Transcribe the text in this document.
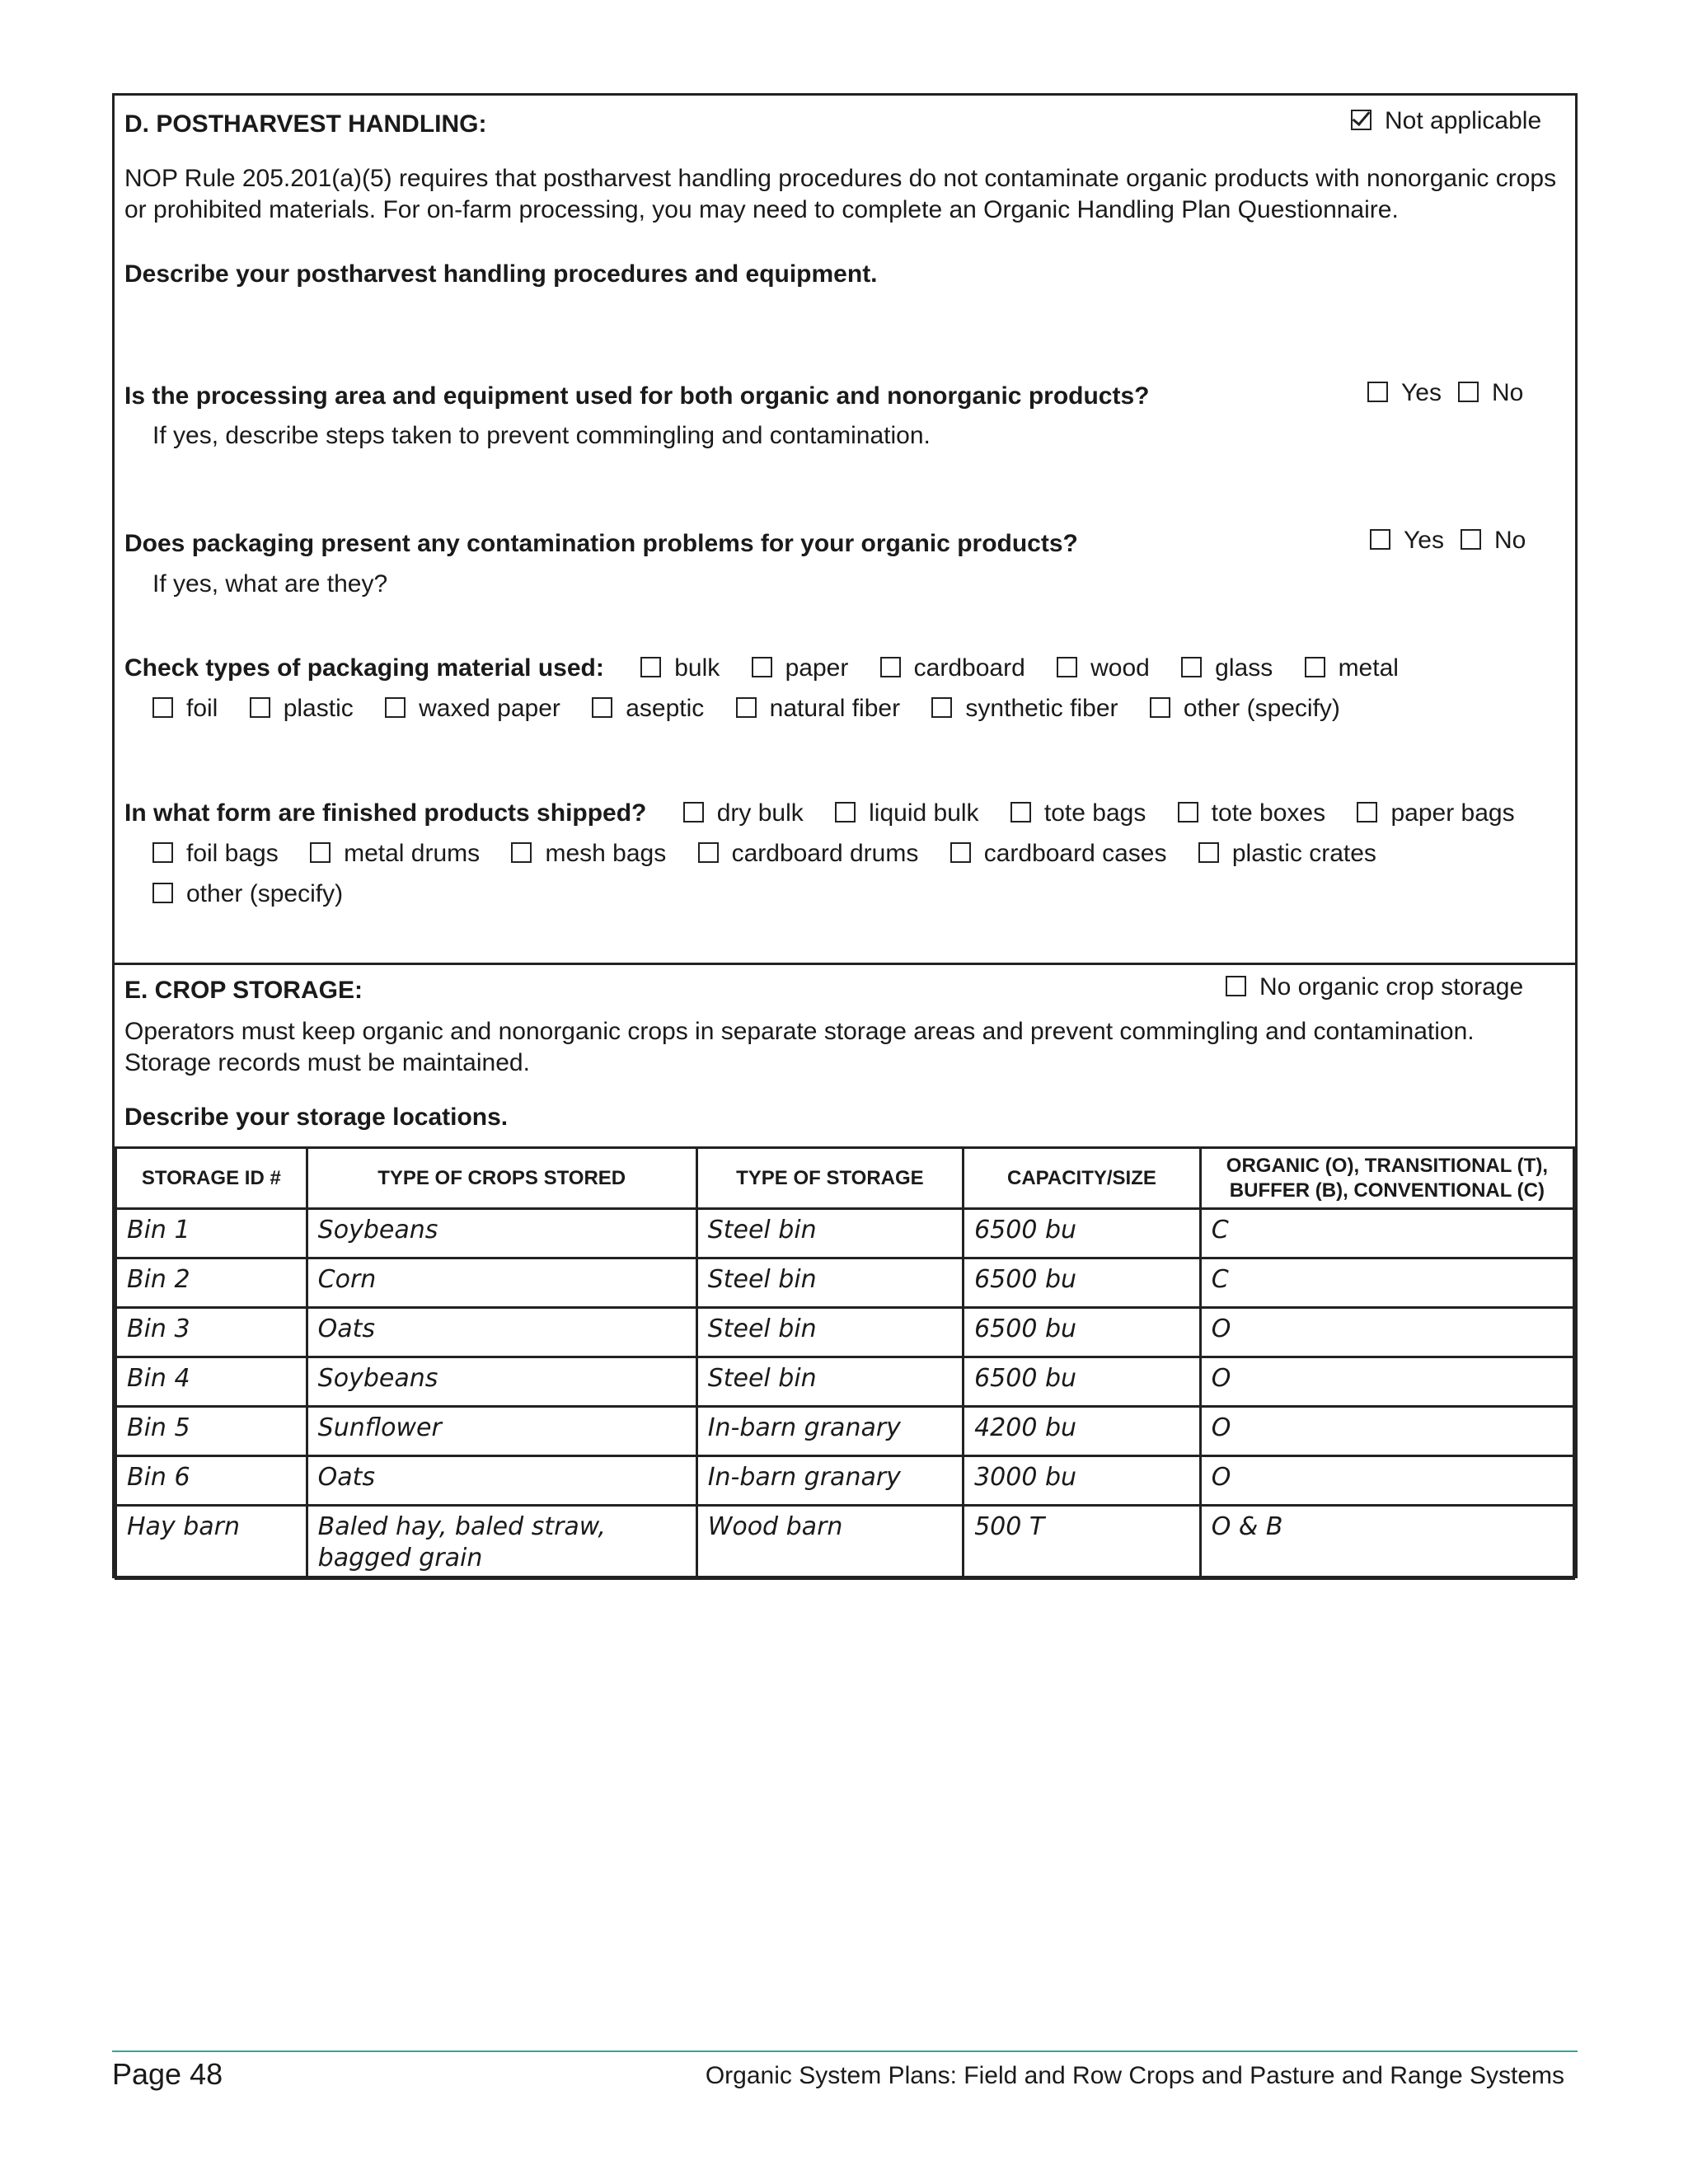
D. POSTHARVEST HANDLING:	Not applicable
NOP Rule 205.201(a)(5) requires that postharvest handling procedures do not contaminate organic products with nonorganic crops or prohibited materials. For on-farm processing, you may need to complete an Organic Handling Plan Questionnaire.
Describe your postharvest handling procedures and equipment.
Is the processing area and equipment used for both organic and nonorganic products?	Yes No
If yes, describe steps taken to prevent commingling and contamination.
Does packaging present any contamination problems for your organic products?	Yes No
If yes, what are they?
Check types of packaging material used:	bulk	paper	cardboard	wood	glass	metal
foil	plastic	waxed paper	aseptic	natural fiber	synthetic fiber	other (specify)
In what form are finished products shipped?	dry bulk	liquid bulk	tote bags	tote boxes	paper bags
foil bags	metal drums	mesh bags	cardboard drums	cardboard cases	plastic crates
other (specify)
E. CROP STORAGE:	No organic crop storage
Operators must keep organic and nonorganic crops in separate storage areas and prevent commingling and contamination. Storage records must be maintained.
Describe your storage locations.
STORAGE ID #	TYPE OF CROPS STORED	TYPE OF STORAGE	CAPACITY/SIZE	ORGANIC (O), TRANSITIONAL (T), BUFFER (B), CONVENTIONAL (C)
Bin 1	Soybeans	Steel bin	6500 bu	C
Bin 2	Corn	Steel bin	6500 bu	C
Bin 3	Oats	Steel bin	6500 bu	O
Bin 4	Soybeans	Steel bin	6500 bu	O
Bin 5	Sunflower	In-barn granary	4200 bu	O
Bin 6	Oats	In-barn granary	3000 bu	O
Hay barn	Baled hay, baled straw, bagged grain	Wood barn	500 T	O & B
Page 48	Organic System Plans: Field and Row Crops and Pasture and Range Systems
